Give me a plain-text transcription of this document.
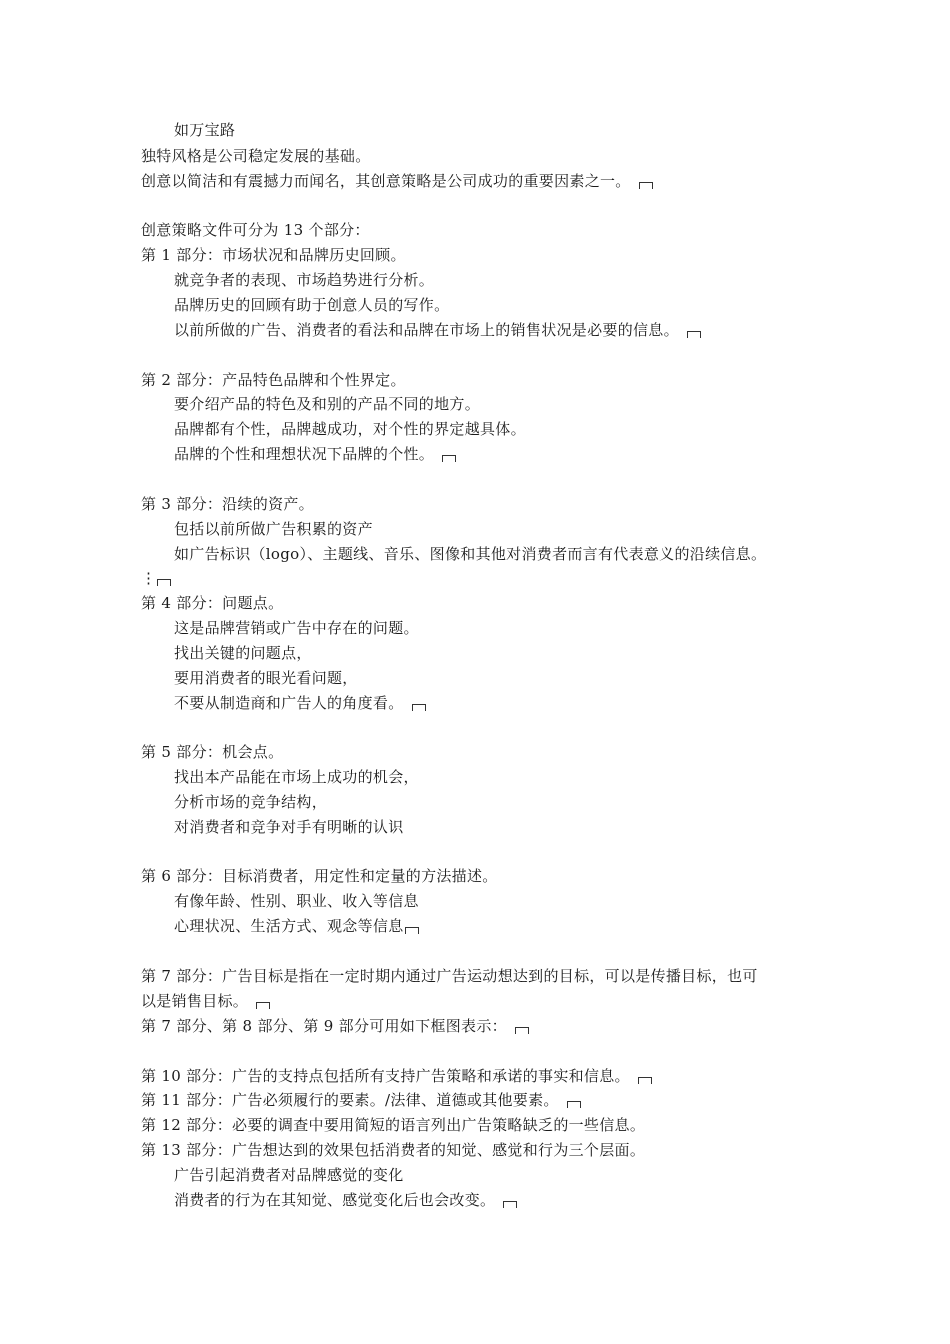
如万宝路
独特风格是公司稳定发展的基础。
创意以简洁和有震撼力而闻名，其创意策略是公司成功的重要因素之一。
创意策略文件可分为 13 个部分：
第 1 部分：市场状况和品牌历史回顾。
就竞争者的表现、市场趋势进行分析。
品牌历史的回顾有助于创意人员的写作。
以前所做的广告、消费者的看法和品牌在市场上的销售状况是必要的信息。
第 2 部分：产品特色品牌和个性界定。
要介绍产品的特色及和别的产品不同的地方。
品牌都有个性，品牌越成功，对个性的界定越具体。
品牌的个性和理想状况下品牌的个性。
第 3 部分：沿续的资产。
包括以前所做广告积累的资产
如广告标识（logo）、主题线、音乐、图像和其他对消费者而言有代表意义的沿续信息。
⋮
第 4 部分：问题点。
这是品牌营销或广告中存在的问题。
找出关键的问题点，
要用消费者的眼光看问题，
不要从制造商和广告人的角度看。
第 5 部分：机会点。
找出本产品能在市场上成功的机会，
分析市场的竞争结构，
对消费者和竞争对手有明晰的认识
第 6 部分：目标消费者，用定性和定量的方法描述。
有像年龄、性别、职业、收入等信息
心理状况、生活方式、观念等信息
第 7 部分：广告目标是指在一定时期内通过广告运动想达到的目标，可以是传播目标，也可
以是销售目标。
第 7 部分、第 8 部分、第 9 部分可用如下框图表示：
第 10 部分：广告的支持点包括所有支持广告策略和承诺的事实和信息。
第 11 部分：广告必须履行的要素。/法律、道德或其他要素。
第 12 部分：必要的调查中要用简短的语言列出广告策略缺乏的一些信息。
第 13 部分：广告想达到的效果包括消费者的知觉、感觉和行为三个层面。
广告引起消费者对品牌感觉的变化
消费者的行为在其知觉、感觉变化后也会改变。
